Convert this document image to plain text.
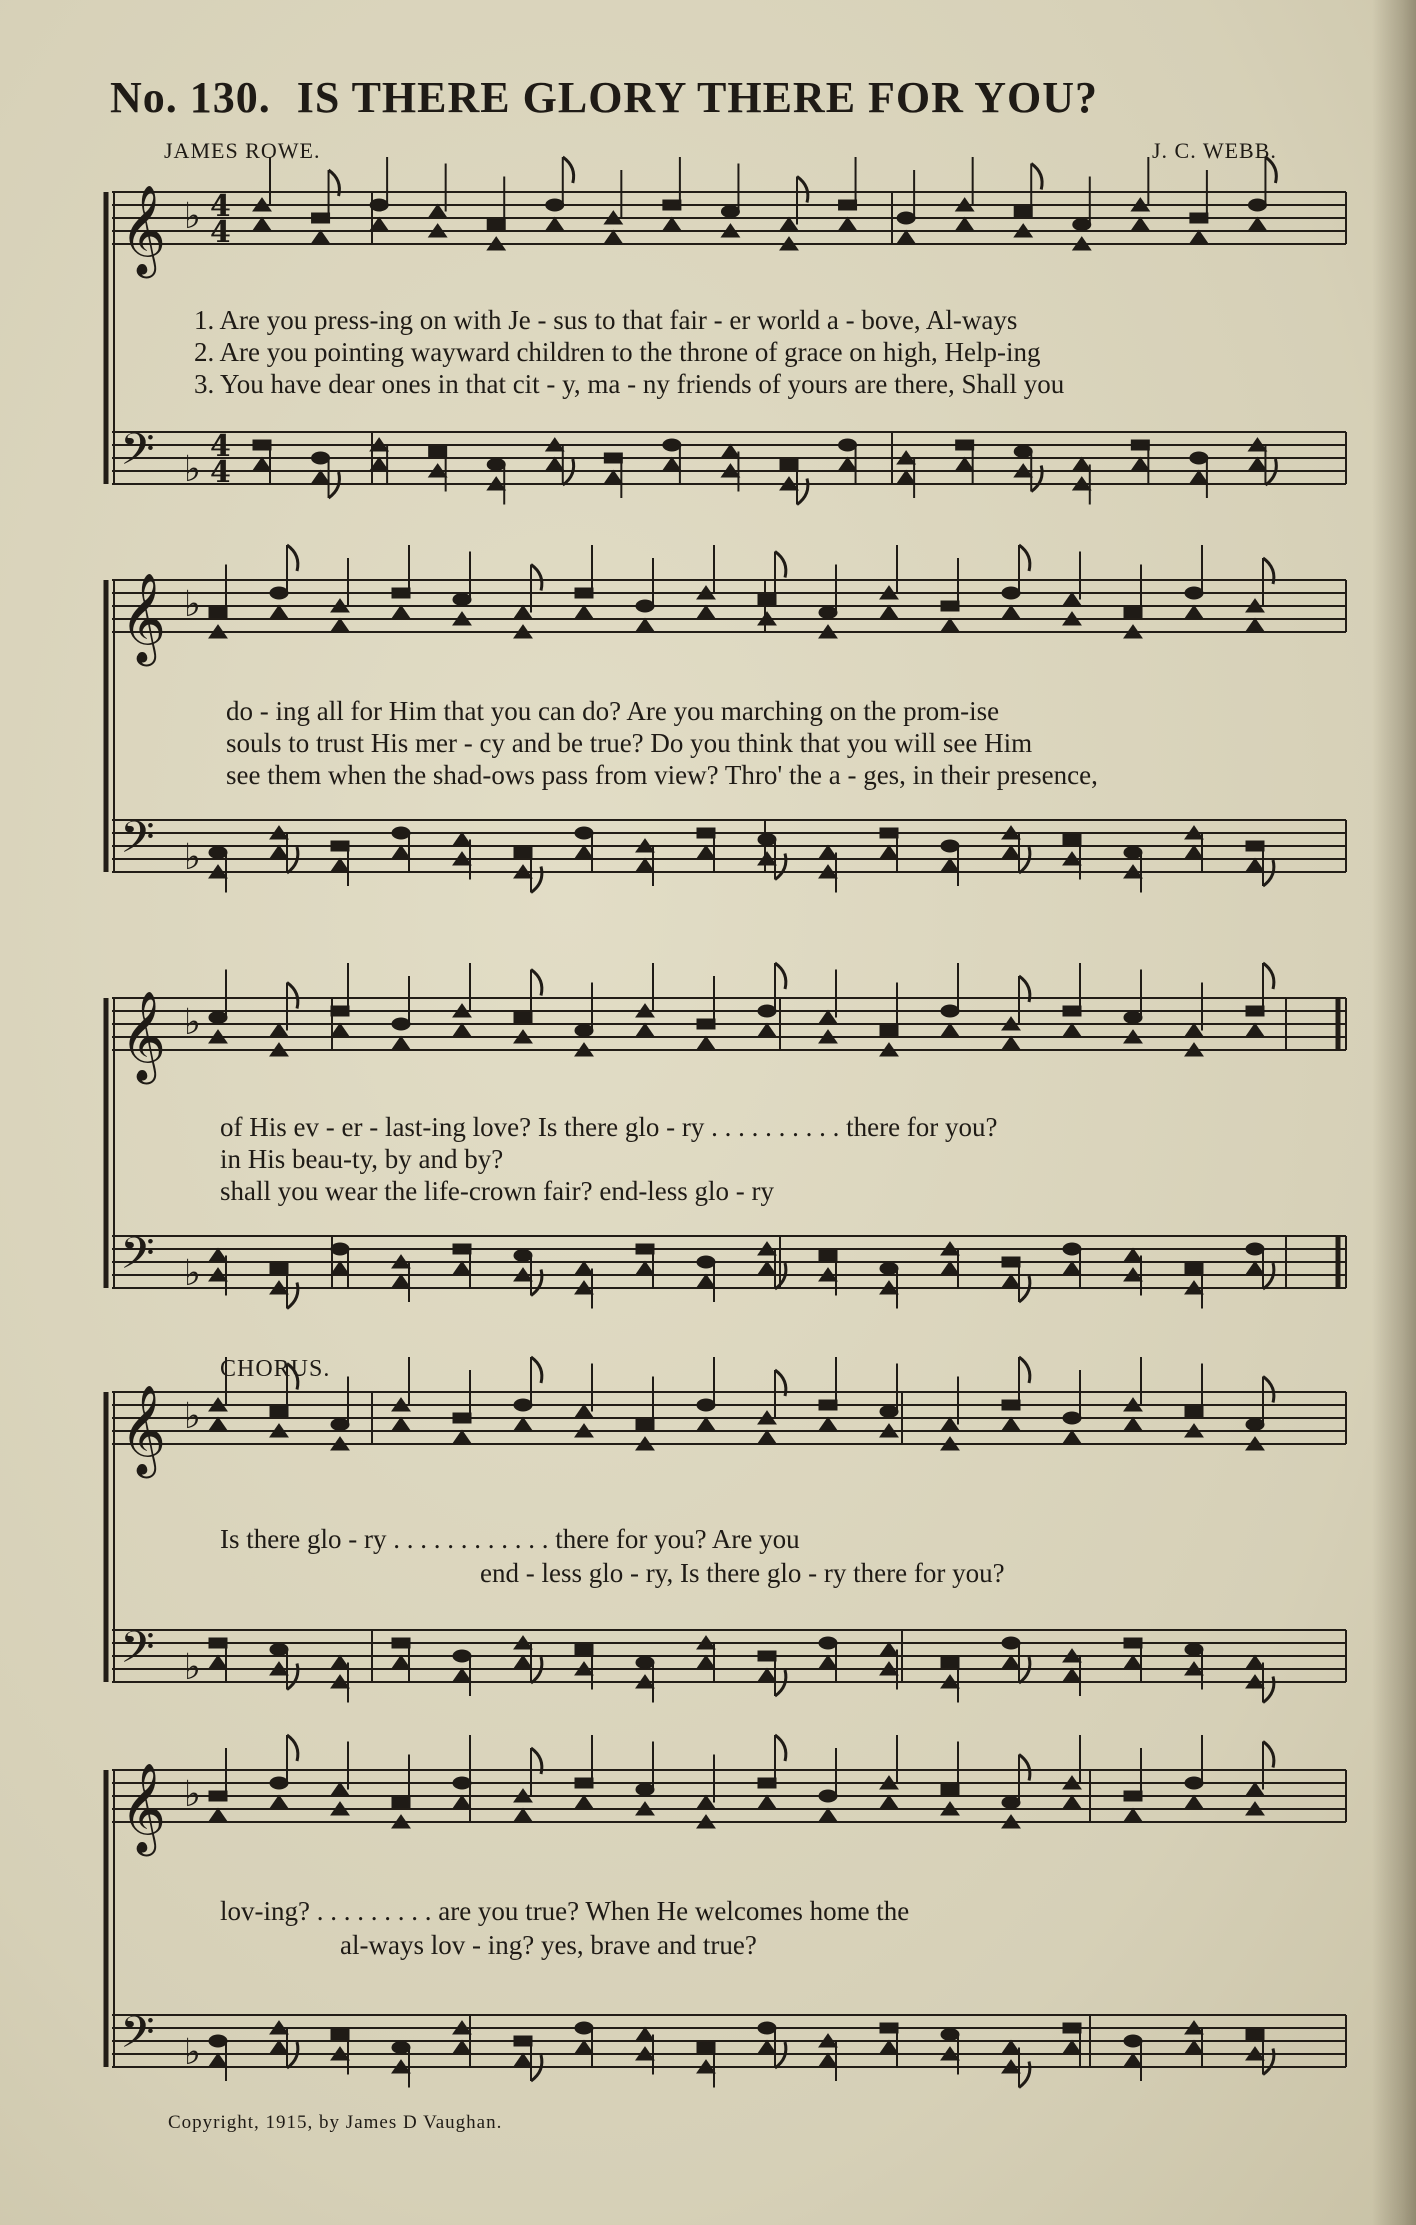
No. 130. IS THERE GLORY THERE FOR YOU?
JAMES ROWE.	J. C. WEBB.
𝄞 ♭ 4
4
𝄢 ♭
4
4
𝄞 ♭
𝄢 ♭
𝄞 ♭
𝄢 ♭
𝄞 ♭
𝄢 ♭
𝄞 ♭
𝄢 ♭
1. Are you press-ing on with Je - sus to that fair - er world a - bove, Al-ways
2. Are you pointing wayward children to the throne of grace on high, Help-ing
3. You have dear ones in that cit - y, ma - ny friends of yours are there, Shall you
do - ing all for Him that you can do? Are you marching on the prom-ise
souls to trust His mer - cy and be true? Do you think that you will see Him
see them when the shad-ows pass from view? Thro' the a - ges, in their presence,
of His ev - er - last-ing love? Is there glo - ry . . . . . . . . . . there for you?
in His beau-ty, by and by?
shall you wear the life-crown fair? end-less glo - ry
CHORUS.
Is there glo - ry . . . . . . . . . . . . there for you? Are you
end - less glo - ry, Is there glo - ry there for you?
lov-ing? . . . . . . . . . are you true? When He welcomes home the
al-ways lov - ing? yes, brave and true?
Copyright, 1915, by James D Vaughan.
